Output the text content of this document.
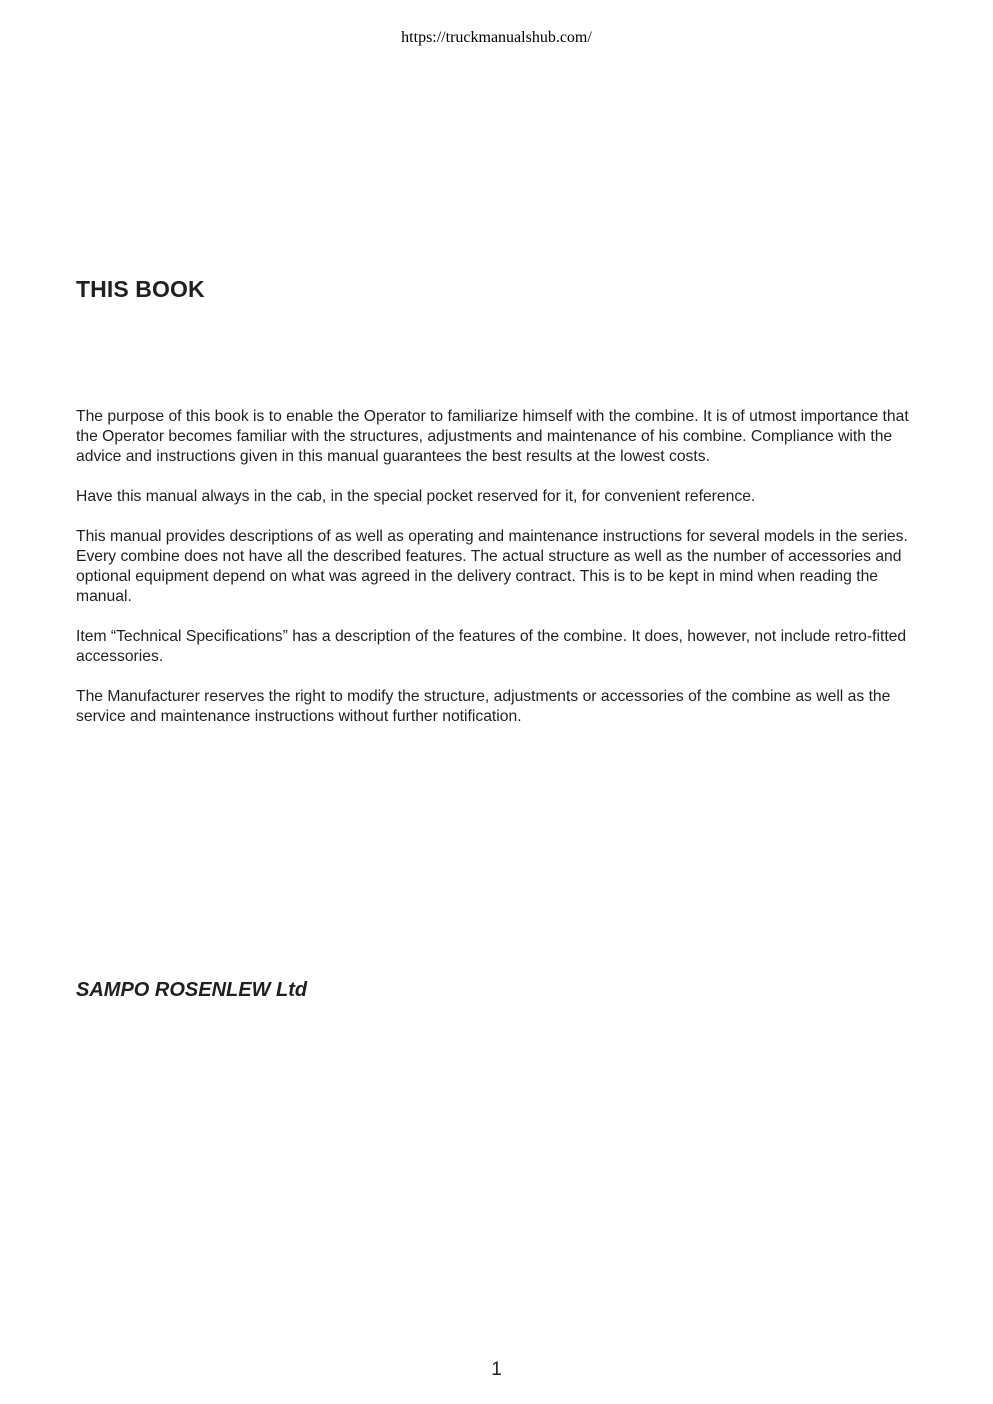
https://truckmanualshub.com/
THIS BOOK

The purpose of this book is to enable the Operator to familiarize himself with the combine. It is of utmost importance that the Operator becomes familiar with the structures, adjustments and maintenance of his combine. Compliance with the advice and instructions given in this manual guarantees the best results at the lowest costs.

Have this manual always in the cab, in the special pocket reserved for it, for convenient reference.

This manual provides descriptions of as well as operating and maintenance instructions for several models in the series. Every combine does not have all the described features. The actual structure as well as the number of accessories and optional equipment depend on what was agreed in the delivery contract. This is to be kept in mind when reading the manual.

Item “Technical Specifications” has a description of the features of the combine. It does, however, not include retro-fitted accessories.

The Manufacturer reserves the right to modify the structure, adjustments or accessories of the combine as well as the service and maintenance instructions without further notification.

SAMPO ROSENLEW Ltd
1
